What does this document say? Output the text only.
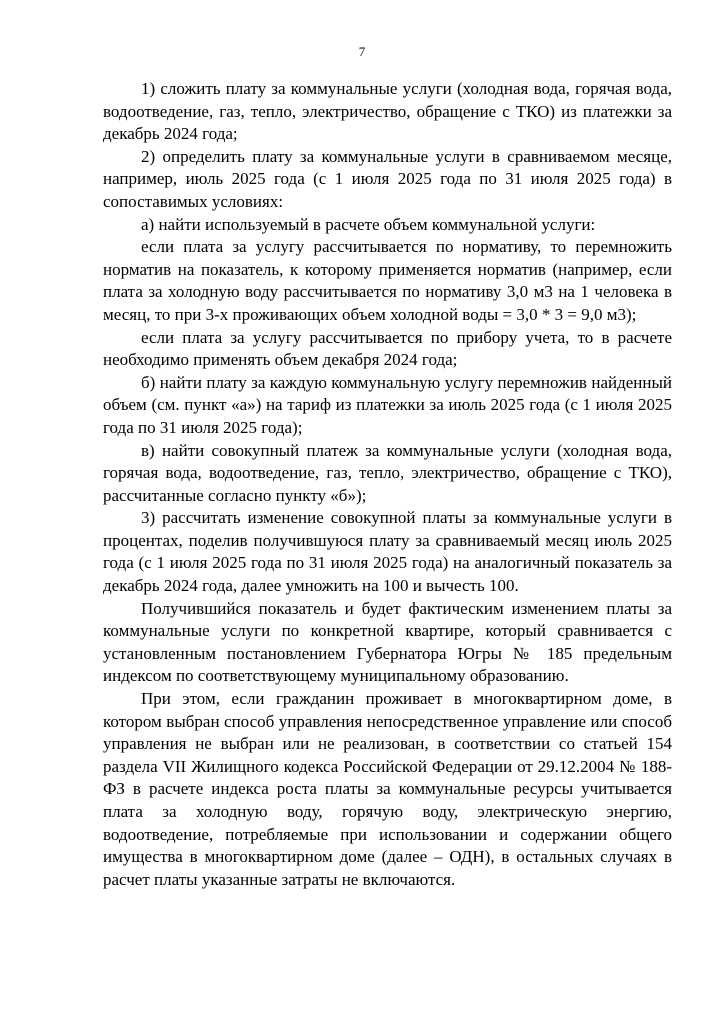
7

1) сложить плату за коммунальные услуги (холодная вода, горячая вода, водоотведение, газ, тепло, электричество, обращение с ТКО) из платежки за декабрь 2024 года;

2) определить плату за коммунальные услуги в сравниваемом месяце, например, июль 2025 года (с 1 июля 2025 года по 31 июля 2025 года) в сопоставимых условиях:

а) найти используемый в расчете объем коммунальной услуги:

если плата за услугу рассчитывается по нормативу, то перемножить норматив на показатель, к которому применяется норматив (например, если плата за холодную воду рассчитывается по нормативу 3,0 м3 на 1 человека в месяц, то при 3-х проживающих объем холодной воды = 3,0 * 3 = 9,0 м3);

если плата за услугу рассчитывается по прибору учета, то в расчете необходимо применять объем декабря 2024 года;

б) найти плату за каждую коммунальную услугу перемножив найденный объем (см. пункт «а») на тариф из платежки за июль 2025 года (с 1 июля 2025 года по 31 июля 2025 года);

в) найти совокупный платеж за коммунальные услуги (холодная вода, горячая вода, водоотведение, газ, тепло, электричество, обращение с ТКО), рассчитанные согласно пункту «б»);

3) рассчитать изменение совокупной платы за коммунальные услуги в процентах, поделив получившуюся плату за сравниваемый месяц июль 2025 года (с 1 июля 2025 года по 31 июля 2025 года) на аналогичный показатель за декабрь 2024 года, далее умножить на 100 и вычесть 100.

Получившийся показатель и будет фактическим изменением платы за коммунальные услуги по конкретной квартире, который сравнивается с установленным постановлением Губернатора Югры № 185 предельным индексом по соответствующему муниципальному образованию.

При этом, если гражданин проживает в многоквартирном доме, в котором выбран способ управления непосредственное управление или способ управления не выбран или не реализован, в соответствии со статьей 154 раздела VII Жилищного кодекса Российской Федерации от 29.12.2004 № 188-ФЗ в расчете индекса роста платы за коммунальные ресурсы учитывается плата за холодную воду, горячую воду, электрическую энергию, водоотведение, потребляемые при использовании и содержании общего имущества в многоквартирном доме (далее – ОДН), в остальных случаях в расчет платы указанные затраты не включаются.
